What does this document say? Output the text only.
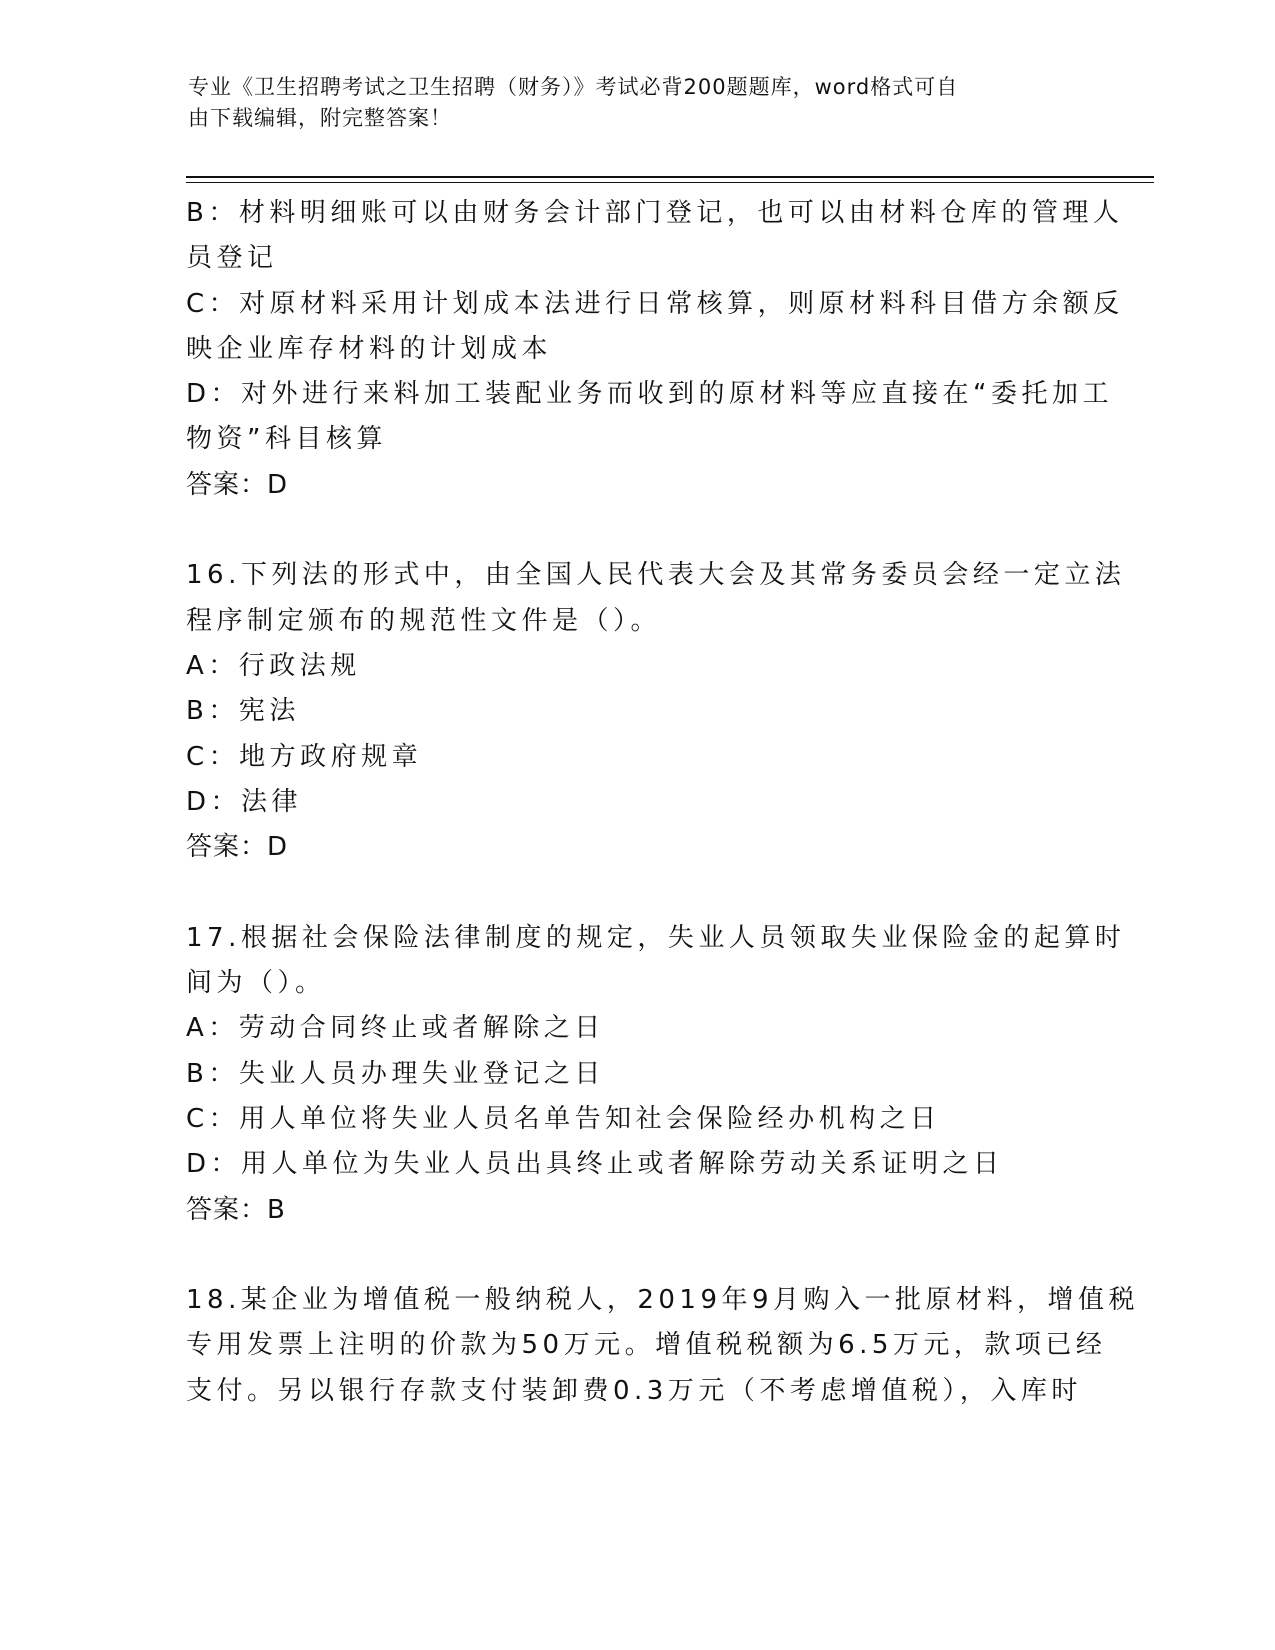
专业《卫生招聘考试之卫生招聘（财务）》考试必背200题题库，word格式可自
由下载编辑，附完整答案！
B：材料明细账可以由财务会计部门登记，也可以由材料仓库的管理人
员登记
C：对原材料采用计划成本法进行日常核算，则原材料科目借方余额反
映企业库存材料的计划成本
D：对外进行来料加工装配业务而收到的原材料等应直接在“委托加工
物资”科目核算
答案：D
16.下列法的形式中，由全国人民代表大会及其常务委员会经一定立法
程序制定颁布的规范性文件是（）。
A：行政法规
B：宪法
C：地方政府规章
D：法律
答案：D
17.根据社会保险法律制度的规定，失业人员领取失业保险金的起算时
间为（）。
A：劳动合同终止或者解除之日
B：失业人员办理失业登记之日
C：用人单位将失业人员名单告知社会保险经办机构之日
D：用人单位为失业人员出具终止或者解除劳动关系证明之日
答案：B
18.某企业为增值税一般纳税人，2019年9月购入一批原材料，增值税
专用发票上注明的价款为50万元。增值税税额为6.5万元，款项已经
支付。另以银行存款支付装卸费0.3万元（不考虑增值税），入库时
